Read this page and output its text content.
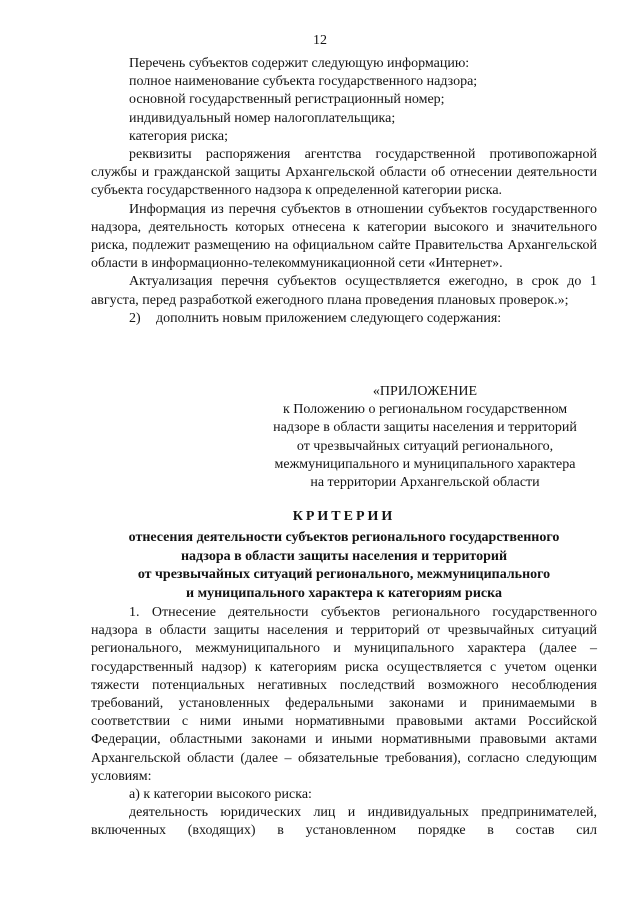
12

Перечень субъектов содержит следующую информацию:

полное наименование субъекта государственного надзора;

основной государственный регистрационный номер;

индивидуальный номер налогоплательщика;

категория риска;

реквизиты распоряжения агентства государственной противопожарной службы и гражданской защиты Архангельской области об отнесении деятельности субъекта государственного надзора к определенной категории риска.

Информация из перечня субъектов в отношении субъектов государственного надзора, деятельность которых отнесена к категории высокого и значительного риска, подлежит размещению на официальном сайте Правительства Архангельской области в информационно-телекоммуникационной сети «Интернет».

Актуализация перечня субъектов осуществляется ежегодно, в срок до 1 августа, перед разработкой ежегодного плана проведения плановых проверок.»;

2) дополнить новым приложением следующего содержания:

«ПРИЛОЖЕНИЕ
к Положению о региональном государственном
надзоре в области защиты населения и территорий
от чрезвычайных ситуаций регионального,
межмуниципального и муниципального характера
на территории Архангельской области
КРИТЕРИИ
отнесения деятельности субъектов регионального государственного
надзора в области защиты населения и территорий
от чрезвычайных ситуаций регионального, межмуниципального
и муниципального характера к категориям риска

1. Отнесение деятельности субъектов регионального государственного надзора в области защиты населения и территорий от чрезвычайных ситуаций регионального, межмуниципального и муниципального характера (далее – государственный надзор) к категориям риска осуществляется с учетом оценки тяжести потенциальных негативных последствий возможного несоблюдения требований, установленных федеральными законами и принимаемыми в соответствии с ними иными нормативными правовыми актами Российской Федерации, областными законами и иными нормативными правовыми актами Архангельской области (далее – обязательные требования), согласно следующим условиям:

а) к категории высокого риска:

деятельность юридических лиц и индивидуальных предпринимателей, включенных (входящих) в установленном порядке в состав сил
